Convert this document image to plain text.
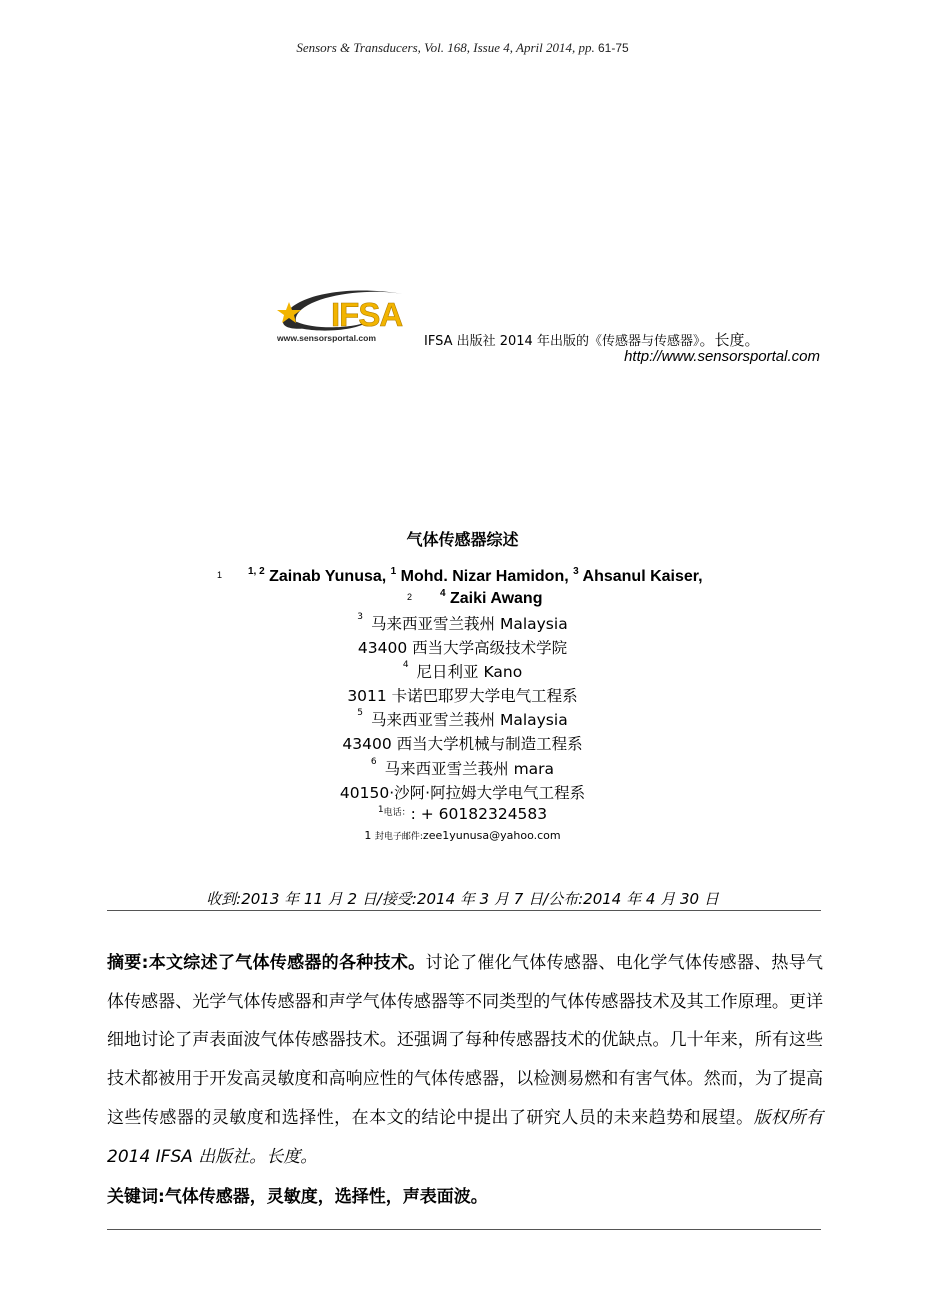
Sensors & Transducers, Vol. 168, Issue 4, April 2014, pp. 61-75
IFSA
www.sensorsportal.com	IFSA 出版社 2014 年出版的《传感器与传感器》。长度。
http://www.sensorsportal.com
气体传感器综述
1	$^{1, 2}$ Zainab Yunusa, $^1$ Mohd. Nizar Hamidon, $^3$ Ahsanul Kaiser,
2	$^4$ Zaiki Awang
$^3$ 马来西亚雪兰莪州 Malaysia
43400 西当大学高级技术学院
$^4$ 尼日利亚 Kano
3011 卡诺巴耶罗大学电气工程系
$^5$ 马来西亚雪兰莪州 Malaysia
43400 西当大学机械与制造工程系
$^6$ 马来西亚雪兰莪州 mara
40150·沙阿·阿拉姆大学电气工程系
$^{1电话:}$: + 60182324583
1 封电子邮件:zee1yunusa@yahoo.com
收到:2013 年 11 月 2 日/接受:2014 年 3 月 7 日/公布:2014 年 4 月 30 日
摘要:本文综述了气体传感器的各种技术。讨论了催化气体传感器、电化学气体传感器、热导气体传感器、光学气体传感器和声学气体传感器等不同类型的气体传感器技术及其工作原理。更详细地讨论了声表面波气体传感器技术。还强调了每种传感器技术的优缺点。几十年来，所有这些技术都被用于开发高灵敏度和高响应性的气体传感器，以检测易燃和有害气体。然而，为了提高这些传感器的灵敏度和选择性，在本文的结论中提出了研究人员的未来趋势和展望。版权所有 2014 IFSA 出版社。长度。
关键词:气体传感器，灵敏度，选择性，声表面波。
